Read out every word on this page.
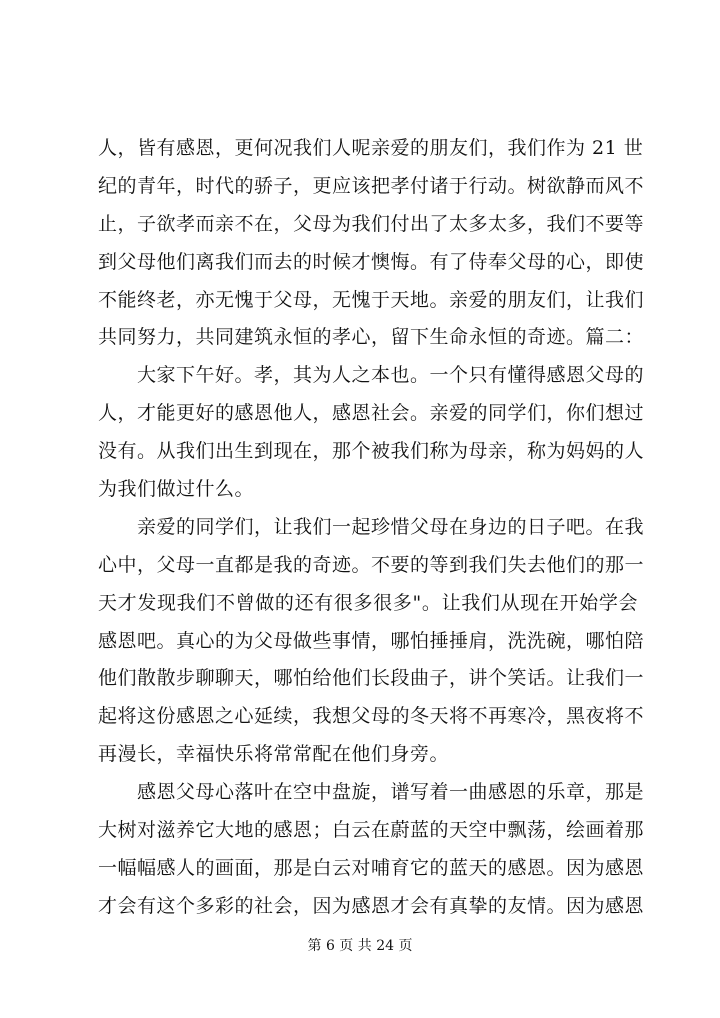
人，皆有感恩，更何况我们人呢亲爱的朋友们，我们作为 21 世
纪的青年，时代的骄子，更应该把孝付诸于行动。树欲静而风不
止，子欲孝而亲不在，父母为我们付出了太多太多，我们不要等
到父母他们离我们而去的时候才懊悔。有了侍奉父母的心，即使
不能终老，亦无愧于父母，无愧于天地。亲爱的朋友们，让我们
共同努力，共同建筑永恒的孝心，留下生命永恒的奇迹。篇二：
　　大家下午好。孝，其为人之本也。一个只有懂得感恩父母的
人，才能更好的感恩他人，感恩社会。亲爱的同学们，你们想过
没有。从我们出生到现在，那个被我们称为母亲，称为妈妈的人
为我们做过什么。
　　亲爱的同学们，让我们一起珍惜父母在身边的日子吧。在我
心中，父母一直都是我的奇迹。不要的等到我们失去他们的那一
天才发现我们不曾做的还有很多很多"。让我们从现在开始学会
感恩吧。真心的为父母做些事情，哪怕捶捶肩，洗洗碗，哪怕陪
他们散散步聊聊天，哪怕给他们长段曲子，讲个笑话。让我们一
起将这份感恩之心延续，我想父母的冬天将不再寒冷，黑夜将不
再漫长，幸福快乐将常常配在他们身旁。
　　感恩父母心落叶在空中盘旋，谱写着一曲感恩的乐章，那是
大树对滋养它大地的感恩；白云在蔚蓝的天空中飘荡，绘画着那
一幅幅感人的画面，那是白云对哺育它的蓝天的感恩。因为感恩
才会有这个多彩的社会，因为感恩才会有真挚的友情。因为感恩
第 6 页 共 24 页
